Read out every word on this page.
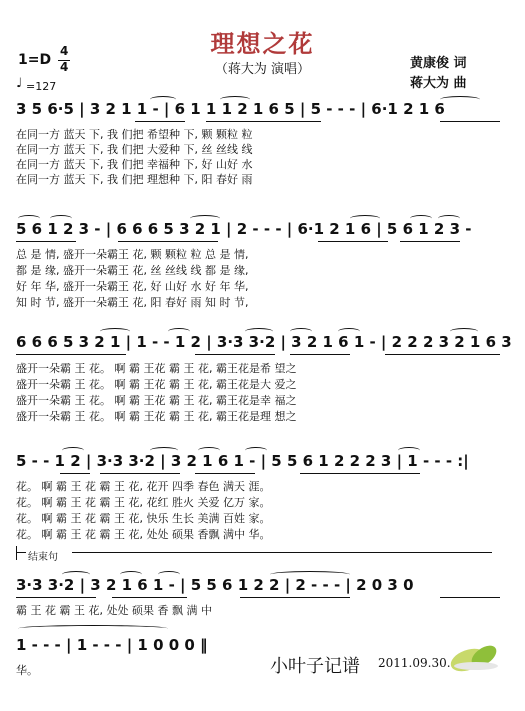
理想之花
（蒋大为 演唱）
1=D
4
4
♩ =127
黄康俊 词
蒋大为 曲
3 5 6·5 | 3 2 1 1 - | 6 1 1 1 2 1 6 5 | 5 - - - | 6·1 2 1 6
在同一方 蓝天 下, 我 们把 希望种 下, 颗 颗粒 粒
在同一方 蓝天 下, 我 们把 大爱种 下, 丝 丝线 线
在同一方 蓝天 下, 我 们把 幸福种 下, 好 山好 水
在同一方 蓝天 下, 我 们把 理想种 下, 阳 春好 雨
5 6 1 2 3 - | 6 6 6 5 3 2 1 | 2 - - - | 6·1 2 1 6 | 5 6 1 2 3 -
总 是 情, 盛开一朵霸王 花, 颗 颗粒 粒 总 是 情,
都 是 缘, 盛开一朵霸王 花, 丝 丝线 线 都 是 缘,
好 年 华, 盛开一朵霸王 花, 好 山好 水 好 年 华,
知 时 节, 盛开一朵霸王 花, 阳 春好 雨 知 时 节,
6 6 6 5 3 2 1 | 1 - - 1 2 | 3·3 3·2 | 3 2 1 6 1 - | 2 2 2 3 2 1 6 3
盛开一朵霸 王 花。 啊 霸 王花 霸 王 花, 霸王花是希 望之
盛开一朵霸 王 花。 啊 霸 王花 霸 王 花, 霸王花是大 爱之
盛开一朵霸 王 花。 啊 霸 王花 霸 王 花, 霸王花是幸 福之
盛开一朵霸 王 花。 啊 霸 王花 霸 王 花, 霸王花是理 想之
5 - - 1 2 | 3·3 3·2 | 3 2 1 6 1 - | 5 5 6 1 2 2 2 3 | 1 - - - :|
花。 啊 霸 王 花 霸 王 花, 花开 四季 春色 满天 涯。
花。 啊 霸 王 花 霸 王 花, 花红 胜火 关爱 亿万 家。
花。 啊 霸 王 花 霸 王 花, 快乐 生长 美满 百姓 家。
花。 啊 霸 王 花 霸 王 花, 处处 硕果 香飘 满中 华。
结束句
3·3 3·2 | 3 2 1 6 1 - | 5 5 6 1 2 2 | 2 - - - | 2 0 3 0
霸 王 花 霸 王 花, 处处 硕果 香 飘 满 中
1 - - - | 1 - - - | 1 0 0 0 ‖
华。	小叶子记谱 2011.09.30.
